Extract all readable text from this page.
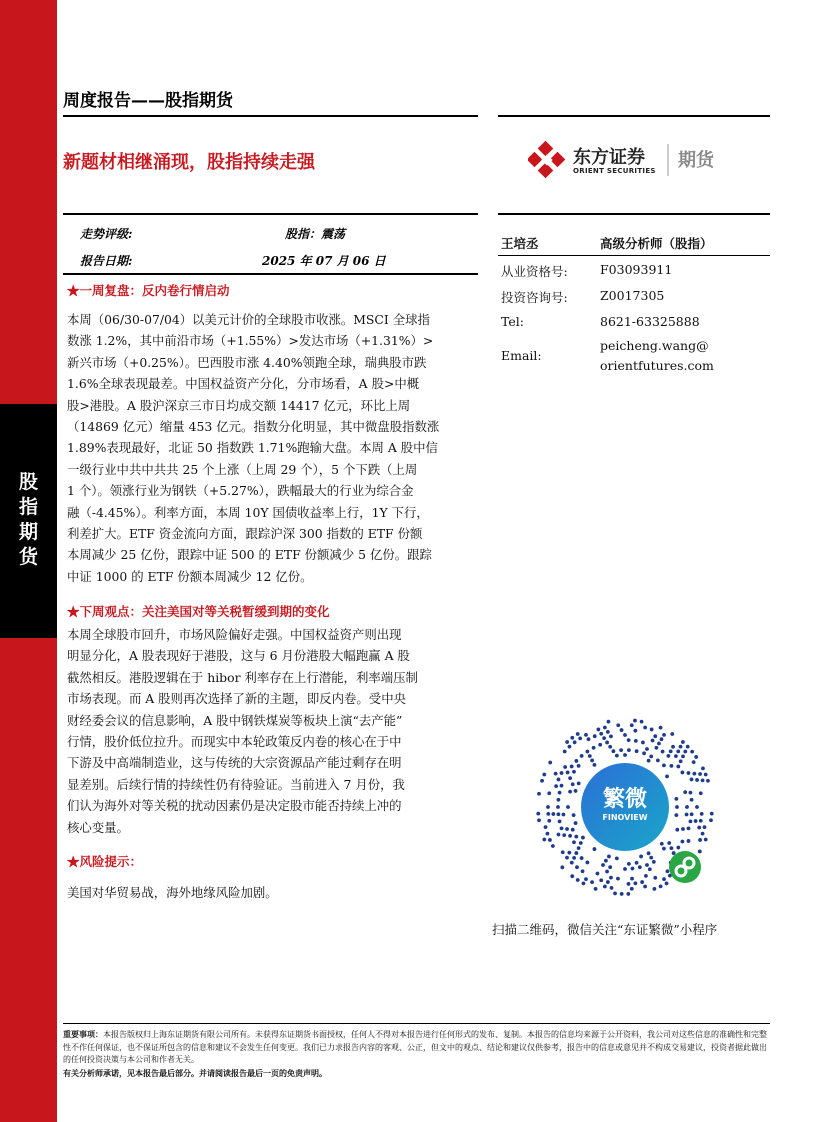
股
指
期
货
周度报告——股指期货
新题材相继涌现，股指持续走强	东方证券
ORIENT SECURITIES 期货
走势评级:	股指：震荡
报告日期:	2025 年 07 月 06 日
王培丞	高级分析师（股指）
从业资格号:	F03093911
投资咨询号:	Z0017305
Tel:	8621-63325888
Email:
peicheng.wang@
orientfutures.com
★一周复盘：反内卷行情启动
本周（06/30-07/04）以美元计价的全球股市收涨。MSCI 全球指
数涨 1.2%，其中前沿市场（+1.55%）>发达市场（+1.31%）>
新兴市场（+0.25%）。巴西股市涨 4.40%领跑全球，瑞典股市跌
1.6%全球表现最差。中国权益资产分化，分市场看，A 股>中概
股>港股。A 股沪深京三市日均成交额 14417 亿元，环比上周
（14869 亿元）缩量 453 亿元。指数分化明显，其中微盘股指数涨
1.89%表现最好，北证 50 指数跌 1.71%跑输大盘。本周 A 股中信
一级行业中共中共共 25 个上涨（上周 29 个），5 个下跌（上周
1 个）。领涨行业为钢铁（+5.27%），跌幅最大的行业为综合金
融（-4.45%）。利率方面，本周 10Y 国债收益率上行，1Y 下行，
利差扩大。ETF 资金流向方面，跟踪沪深 300 指数的 ETF 份额
本周减少 25 亿份，跟踪中证 500 的 ETF 份额减少 5 亿份。跟踪
中证 1000 的 ETF 份额本周减少 12 亿份。
★下周观点：关注美国对等关税暂缓到期的变化
本周全球股市回升，市场风险偏好走强。中国权益资产则出现
明显分化，A 股表现好于港股，这与 6 月份港股大幅跑赢 A 股
截然相反。港股逻辑在于 hibor 利率存在上行潜能，利率端压制
市场表现。而 A 股则再次选择了新的主题，即反内卷。受中央
财经委会议的信息影响，A 股中钢铁煤炭等板块上演“去产能”
行情，股价低位拉升。而现实中本轮政策反内卷的核心在于中
下游及中高端制造业，这与传统的大宗资源品产能过剩存在明
显差别。后续行情的持续性仍有待验证。当前进入 7 月份，我
们认为海外对等关税的扰动因素仍是决定股市能否持续上冲的
核心变量。
★风险提示：
美国对华贸易战，海外地缘风险加剧。
繁微
FINOVIEW
扫描二维码，微信关注“东证繁微”小程序
重要事项：本报告版权归上海东证期货有限公司所有。未获得东证期货书面授权，任何人不得对本报告进行任何形式的发布、复制。本报告的信息均来源于公开资料，我公司对这些信息的准确性和完整性不作任何保证，也不保证所包含的信息和建议不会发生任何变更。我们已力求报告内容的客观、公正，但文中的观点、结论和建议仅供参考，报告中的信息或意见并不构成交易建议，投资者据此做出的任何投资决策与本公司和作者无关。
有关分析师承诺，见本报告最后部分。并请阅读报告最后一页的免责声明。
